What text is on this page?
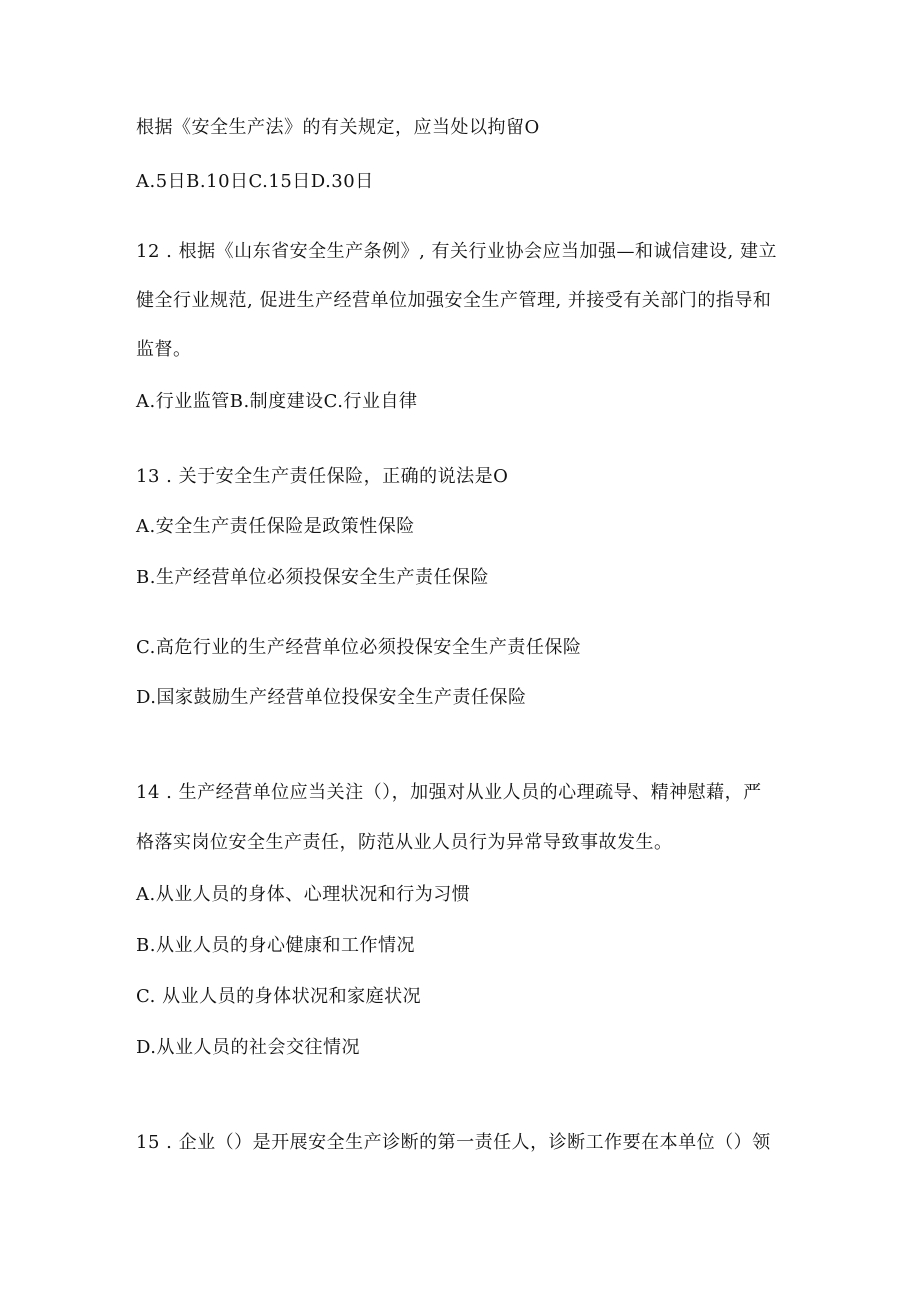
根据《安全生产法》的有关规定，应当处以拘留O
A.5日B.10日C.15日D.30日
12 . 根据《山东省安全生产条例》, 有关行业协会应当加强—和诚信建设, 建立
健全行业规范, 促进生产经营单位加强安全生产管理, 并接受有关部门的指导和
监督。
A.行业监管B.制度建设C.行业自律
13 . 关于安全生产责任保险，正确的说法是O
A.安全生产责任保险是政策性保险
B.生产经营单位必须投保安全生产责任保险
C.高危行业的生产经营单位必须投保安全生产责任保险
D.国家鼓励生产经营单位投保安全生产责任保险
14 . 生产经营单位应当关注（），加强对从业人员的心理疏导、精神慰藉，严
格落实岗位安全生产责任，防范从业人员行为异常导致事故发生。
A.从业人员的身体、心理状况和行为习惯
B.从业人员的身心健康和工作情况
C. 从业人员的身体状况和家庭状况
D.从业人员的社会交往情况
15 . 企业（）是开展安全生产诊断的第一责任人，诊断工作要在本单位（）领
